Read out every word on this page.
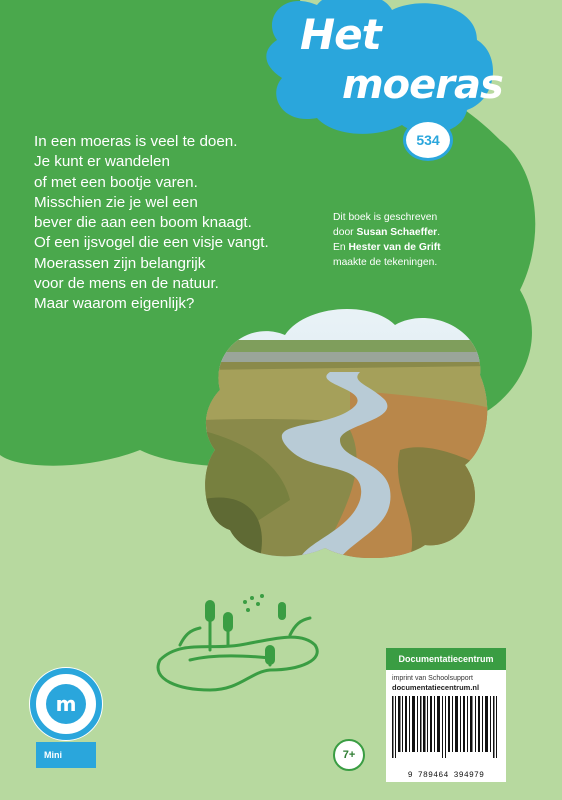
Het
moeras
534
In een moeras is veel te doen.
Je kunt er wandelen
of met een bootje varen.
Misschien zie je wel een
bever die aan een boom knaagt.
Of een ijsvogel die een visje vangt.
Moerassen zijn belangrijk
voor de mens en de natuur.
Maar waarom eigenlijk?
Dit boek is geschreven
door Susan Schaeffer.
En Hester van de Grift
maakte de tekeningen.
m
Mini	7+
Documentatiecentrum
imprint van Schoolsupport
documentatiecentrum.nl
9 789464 394979
